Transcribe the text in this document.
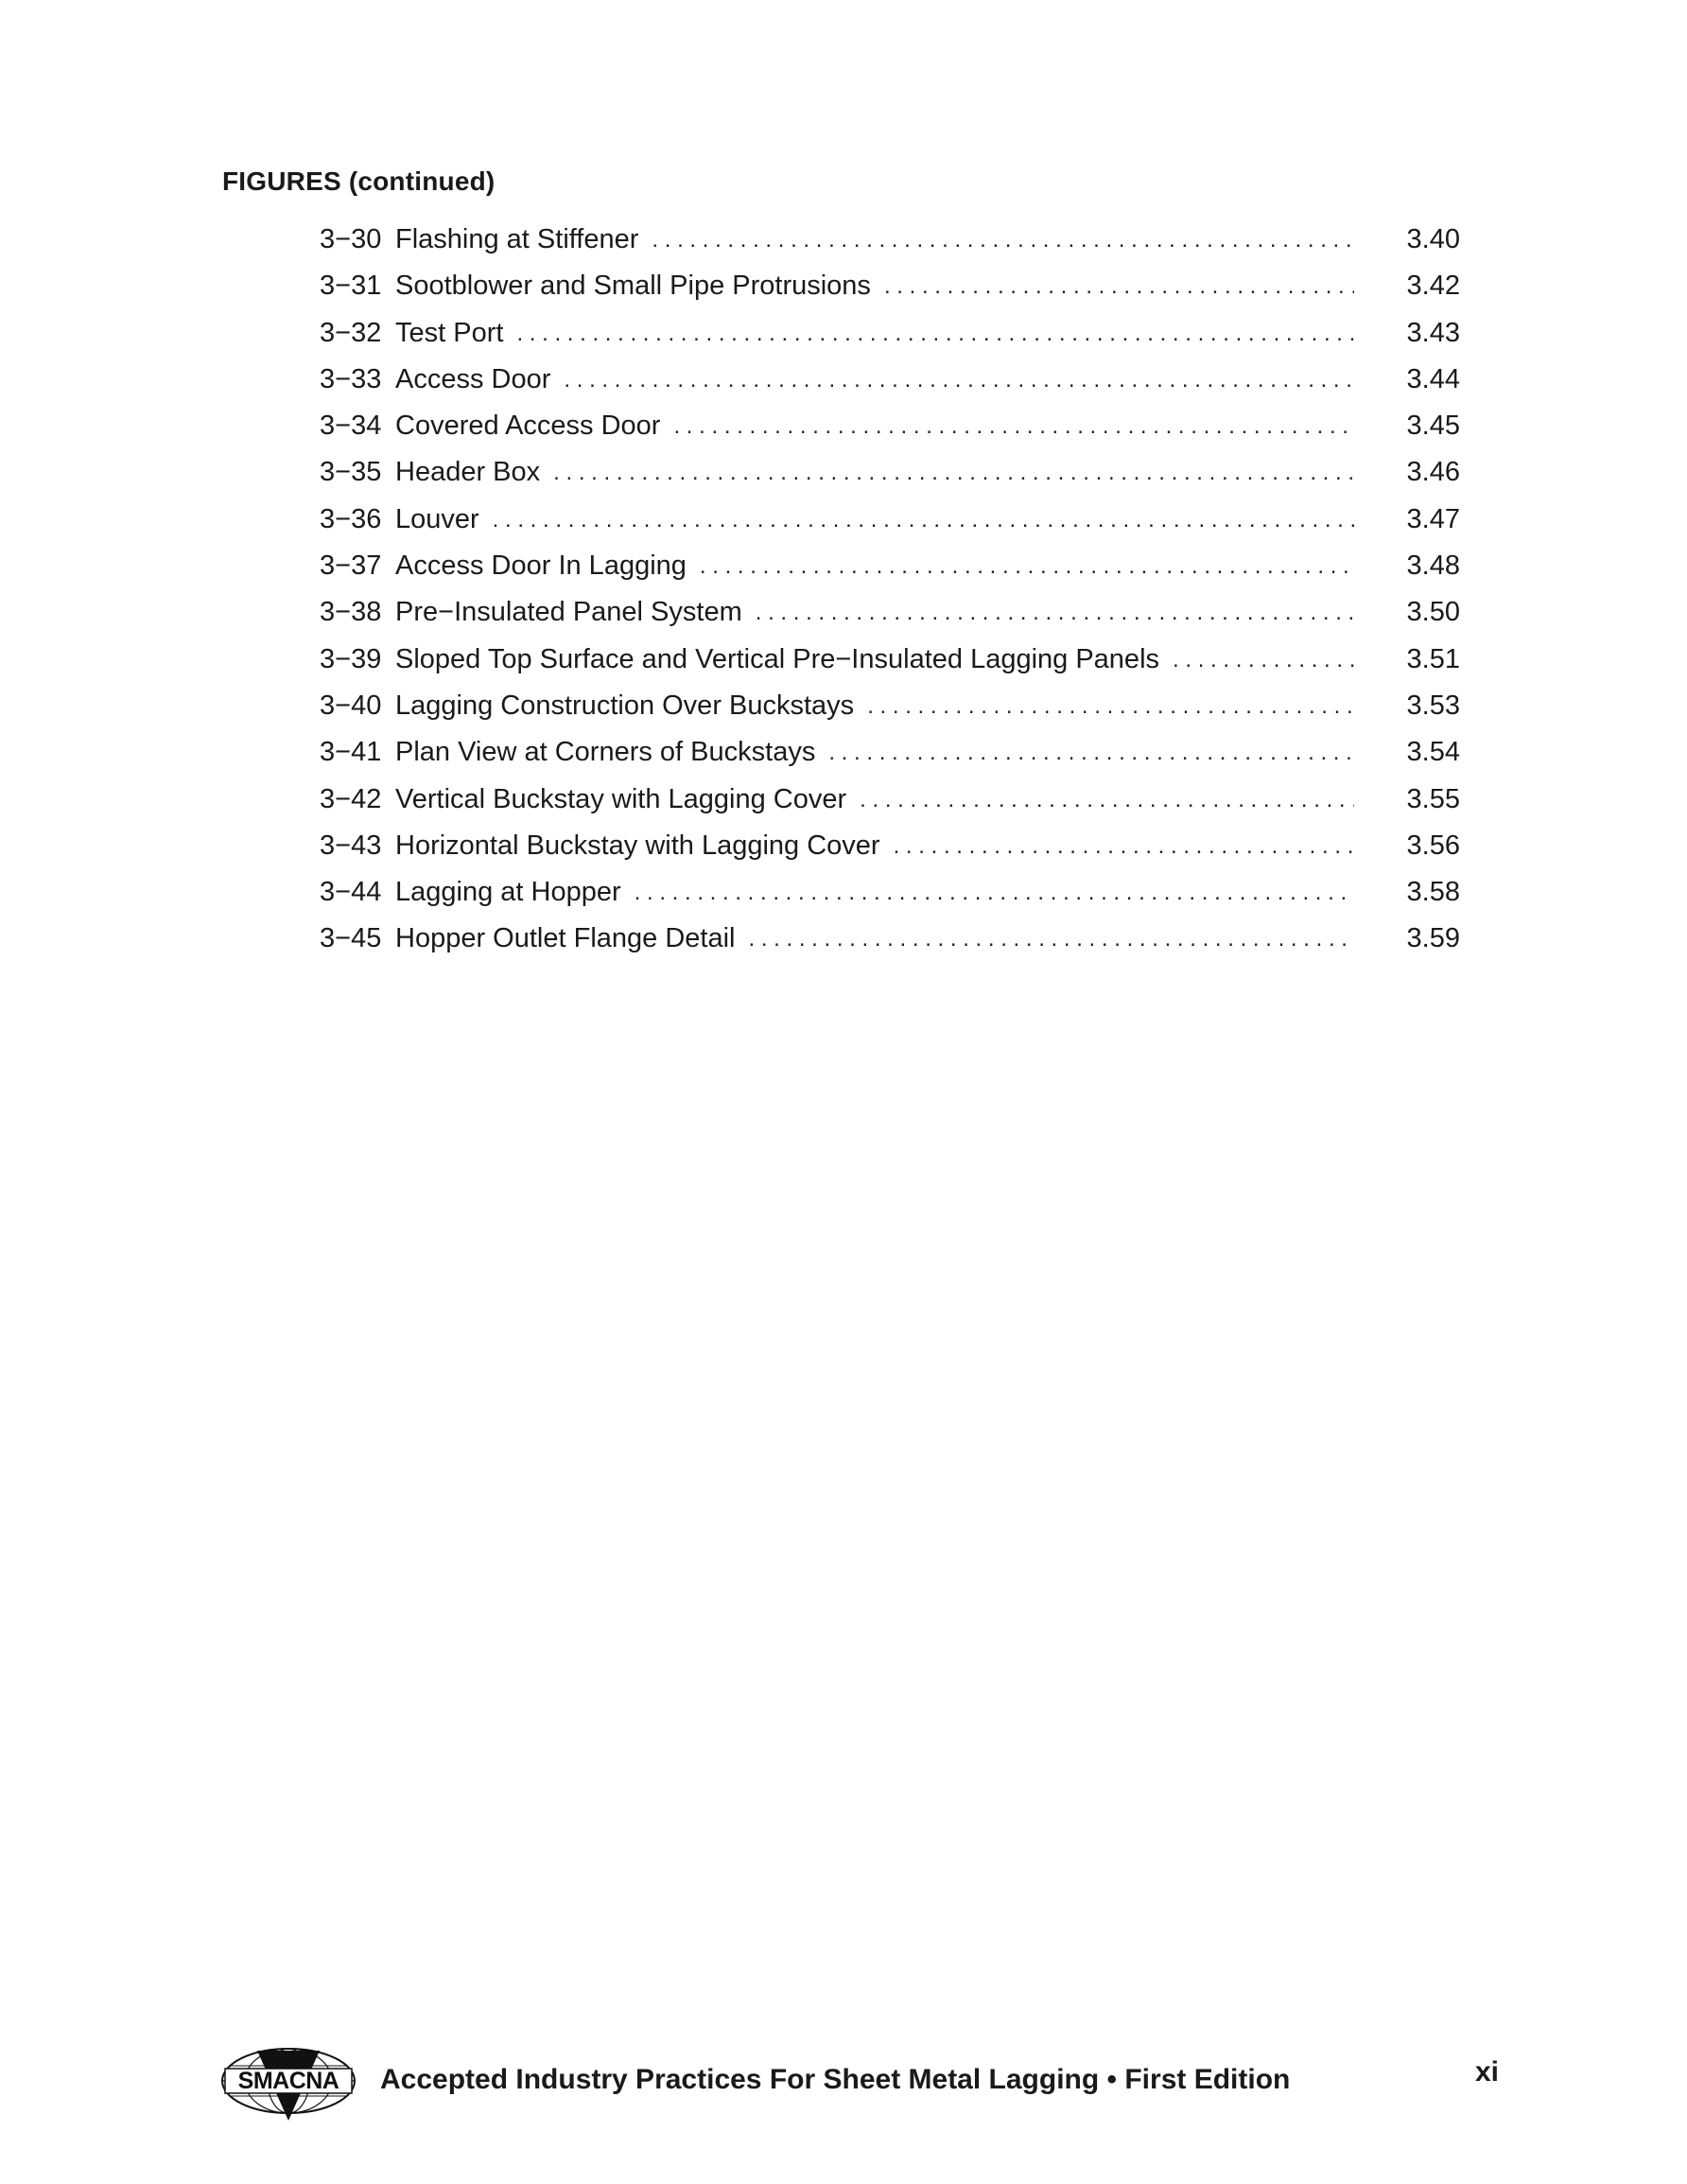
FIGURES (continued)
3−30 Flashing at Stiffener . . .	3.40
3−31 Sootblower and Small Pipe Protrusions . . .	3.42
3−32 Test Port . . .	3.43
3−33 Access Door . . .	3.44
3−34 Covered Access Door . . .	3.45
3−35 Header Box . . .	3.46
3−36 Louver . . .	3.47
3−37 Access Door In Lagging . . .	3.48
3−38 Pre−Insulated Panel System . . .	3.50
3−39 Sloped Top Surface and Vertical Pre−Insulated Lagging Panels . . .	3.51
3−40 Lagging Construction Over Buckstays . . .	3.53
3−41 Plan View at Corners of Buckstays . . .	3.54
3−42 Vertical Buckstay with Lagging Cover . . .	3.55
3−43 Horizontal Buckstay with Lagging Cover . . .	3.56
3−44 Lagging at Hopper . . .	3.58
3−45 Hopper Outlet Flange Detail . . .	3.59
SMACNA Accepted Industry Practices For Sheet Metal Lagging • First Edition	xi
